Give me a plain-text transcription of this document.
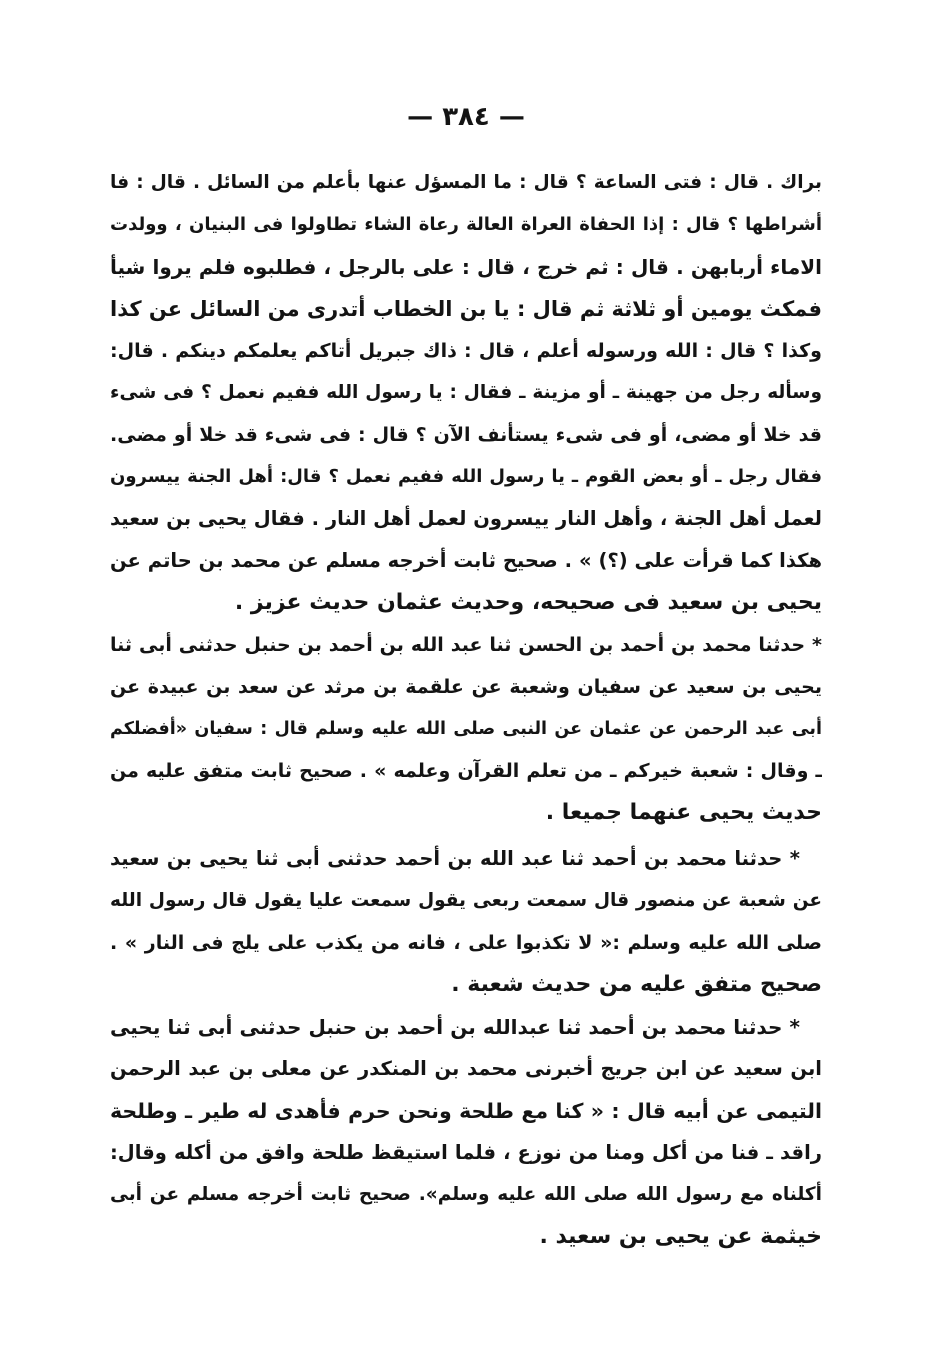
— ٣٨٤ —
براك . قال : فتى الساعة ؟ قال : ما المسؤل عنها بأعلم من السائل . قال : فا
أشراطها ؟ قال : إذا الحفاة العراة العالة رعاة الشاء تطاولوا فى البنيان ، وولدت
الاماء أربابهن . قال : ثم خرج ، قال : على بالرجل ، فطلبوه فلم يروا شيأ
فمكث يومين أو ثلاثة ثم قال : يا بن الخطاب أتدرى من السائل عن كذا
وكذا ؟ قال : الله ورسوله أعلم ، قال : ذاك جبريل أتاكم يعلمكم دينكم . قال:
وسأله رجل من جهينة ـ أو مزينة ـ فقال : يا رسول الله ففيم نعمل ؟ فى شىء
قد خلا أو مضى، أو فى شىء يستأنف الآن ؟ قال : فى شىء قد خلا أو مضى.
فقال رجل ـ أو بعض القوم ـ يا رسول الله ففيم نعمل ؟ قال: أهل الجنة ييسرون
لعمل أهل الجنة ، وأهل النار ييسرون لعمل أهل النار . فقال يحيى بن سعيد
هكذا كما قرأت على (؟) » . صحيح ثابت أخرجه مسلم عن محمد بن حاتم عن
يحيى بن سعيد فى صحيحه، وحديث عثمان حديث عزيز .
* حدثنا محمد بن أحمد بن الحسن ثنا عبد الله بن أحمد بن حنبل حدثنى أبى ثنا
يحيى بن سعيد عن سفيان وشعبة عن علقمة بن مرثد عن سعد بن عبيدة عن
أبى عبد الرحمن عن عثمان عن النبى صلى الله عليه وسلم قال : سفيان «أفضلكم
ـ وقال : شعبة خيركم ـ من تعلم القرآن وعلمه » . صحيح ثابت متفق عليه من
حديث يحيى عنهما جميعا .
* حدثنا محمد بن أحمد ثنا عبد الله بن أحمد حدثنى أبى ثنا يحيى بن سعيد
عن شعبة عن منصور قال سمعت ربعى يقول سمعت عليا يقول قال رسول الله
صلى الله عليه وسلم :« لا تكذبوا على ، فانه من يكذب على يلج فى النار » .
صحيح متفق عليه من حديث شعبة .
* حدثنا محمد بن أحمد ثنا عبدالله بن أحمد بن حنبل حدثنى أبى ثنا يحيى
ابن سعيد عن ابن جريج أخبرنى محمد بن المنكدر عن معلى بن عبد الرحمن
التيمى عن أبيه قال : « كنا مع طلحة ونحن حرم فأهدى له طير ـ وطلحة
راقد ـ فنا من أكل ومنا من نوزع ، فلما استيقظ طلحة وافق من أكله وقال:
أكلناه مع رسول الله صلى الله عليه وسلم». صحيح ثابت أخرجه مسلم عن أبى
خيثمة عن يحيى بن سعيد .
